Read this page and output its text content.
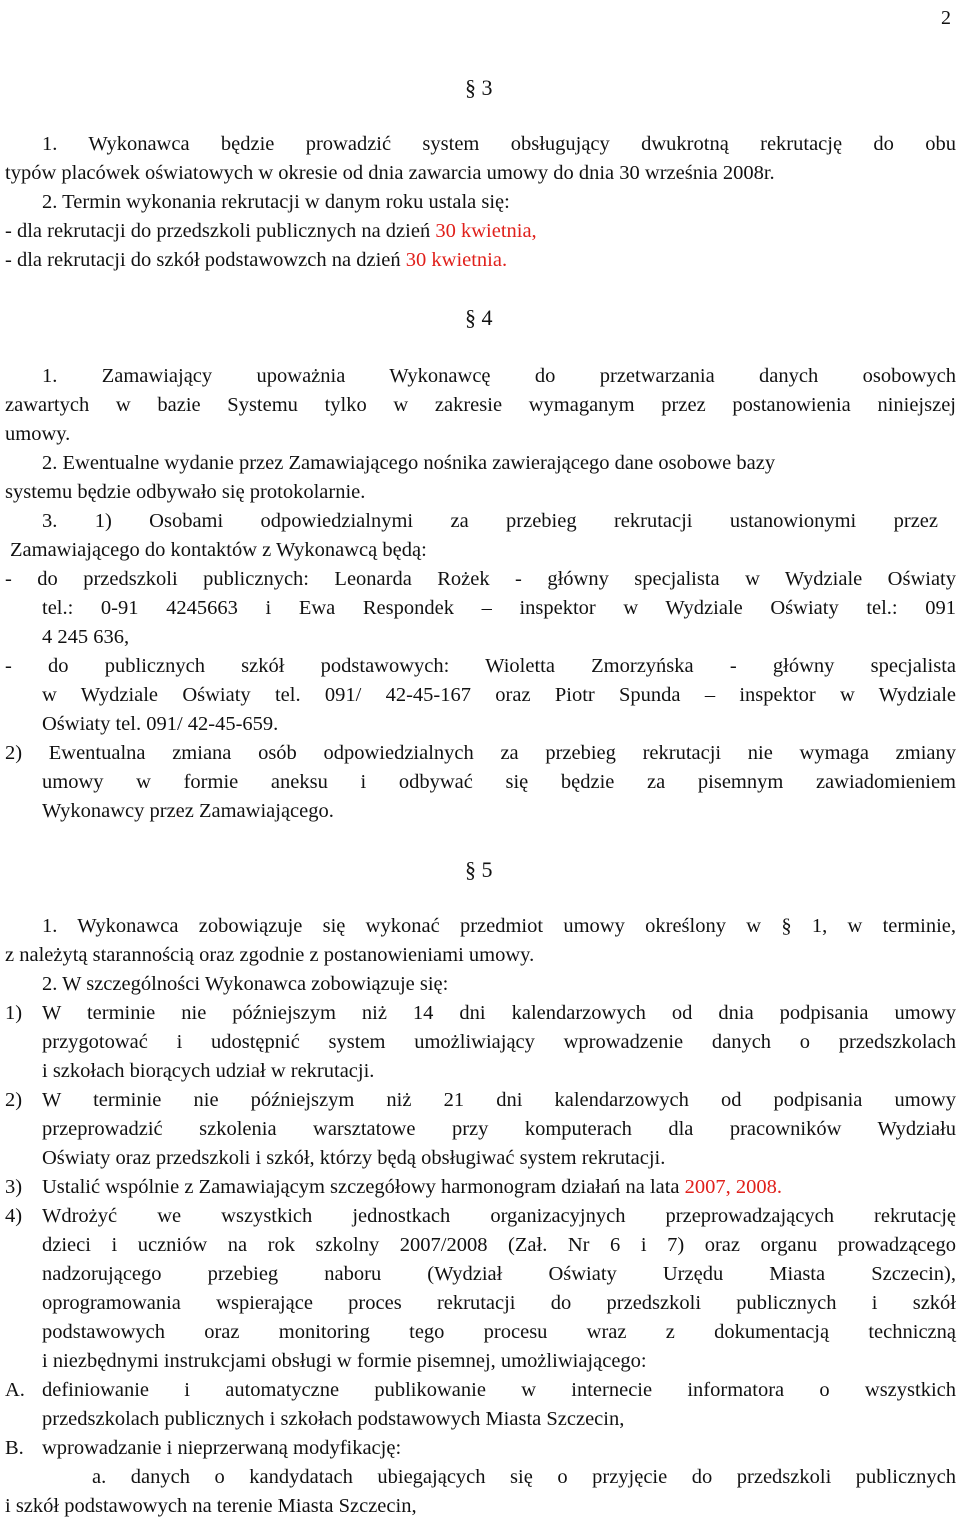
2
§ 3
1. Wykonawca będzie prowadzić system obsługujący dwukrotną rekrutację do obu
typów placówek oświatowych w okresie od dnia zawarcia umowy do dnia 30 września 2008r.
2. Termin wykonania rekrutacji w danym roku ustala się:
- dla rekrutacji do przedszkoli publicznych na dzień 30 kwietnia,
- dla rekrutacji do szkół podstawowzch na dzień 30 kwietnia.
§ 4
1. Zamawiający upoważnia Wykonawcę do przetwarzania danych osobowych
zawartych w bazie Systemu tylko w zakresie wymaganym przez postanowienia niniejszej
umowy.
2. Ewentualne wydanie przez Zamawiającego nośnika zawierającego dane osobowe bazy
systemu będzie odbywało się protokolarnie.
3. 1) Osobami odpowiedzialnymi za przebieg rekrutacji ustanowionymi przez
Zamawiającego do kontaktów z Wykonawcą będą:
- do przedszkoli publicznych: Leonarda Rożek - główny specjalista w Wydziale Oświaty
tel.: 0-91 4245663 i Ewa Respondek – inspektor w Wydziale Oświaty tel.: 091
4 245 636,
- do publicznych szkół podstawowych: Wioletta Zmorzyńska - główny specjalista
w Wydziale Oświaty tel. 091/ 42-45-167 oraz Piotr Spunda – inspektor w Wydziale
Oświaty tel. 091/ 42-45-659.
2) Ewentualna zmiana osób odpowiedzialnych za przebieg rekrutacji nie wymaga zmiany
umowy w formie aneksu i odbywać się będzie za pisemnym zawiadomieniem
Wykonawcy przez Zamawiającego.
§ 5
1. Wykonawca zobowiązuje się wykonać przedmiot umowy określony w § 1, w terminie,
z należytą starannością oraz zgodnie z postanowieniami umowy.
2. W szczególności Wykonawca zobowiązuje się:
1) W terminie nie późniejszym niż 14 dni kalendarzowych od dnia podpisania umowy
przygotować i udostępnić system umożliwiający wprowadzenie danych o przedszkolach
i szkołach biorących udział w rekrutacji.
2) W terminie nie późniejszym niż 21 dni kalendarzowych od podpisania umowy
przeprowadzić szkolenia warsztatowe przy komputerach dla pracowników Wydziału
Oświaty oraz przedszkoli i szkół, którzy będą obsługiwać system rekrutacji.
3) Ustalić wspólnie z Zamawiającym szczegółowy harmonogram działań na lata 2007, 2008.
4) Wdrożyć we wszystkich jednostkach organizacyjnych przeprowadzających rekrutację
dzieci i uczniów na rok szkolny 2007/2008 (Zał. Nr 6 i 7) oraz organu prowadzącego
nadzorującego przebieg naboru (Wydział Oświaty Urzędu Miasta Szczecin),
oprogramowania wspierające proces rekrutacji do przedszkoli publicznych i szkół
podstawowych oraz monitoring tego procesu wraz z dokumentacją techniczną
i niezbędnymi instrukcjami obsługi w formie pisemnej, umożliwiającego:
A. definiowanie i automatyczne publikowanie w internecie informatora o wszystkich
przedszkolach publicznych i szkołach podstawowych Miasta Szczecin,
B. wprowadzanie i nieprzerwaną modyfikację:
a. danych o kandydatach ubiegających się o przyjęcie do przedszkoli publicznych
i szkół podstawowych na terenie Miasta Szczecin,
